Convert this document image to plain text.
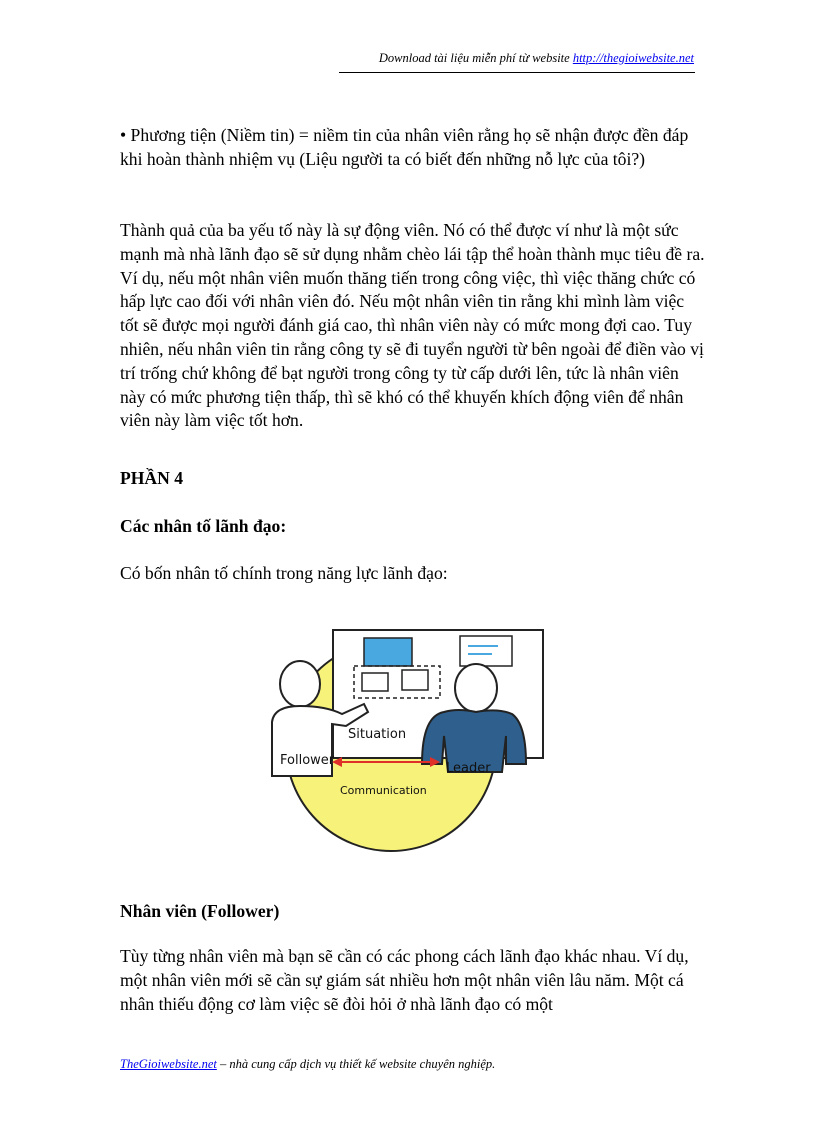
Download tài liệu miễn phí từ website http://thegioiwebsite.net

• Phương tiện (Niềm tin) = niềm tin của nhân viên rằng họ sẽ nhận được đền đáp khi hoàn thành nhiệm vụ (Liệu người ta có biết đến những nỗ lực của tôi?)

Thành quả của ba yếu tố này là sự động viên. Nó có thể được ví như là một sức mạnh mà nhà lãnh đạo sẽ sử dụng nhằm chèo lái tập thể hoàn thành mục tiêu đề ra. Ví dụ, nếu một nhân viên muốn thăng tiến trong công việc, thì việc thăng chức có hấp lực cao đối với nhân viên đó. Nếu một nhân viên tin rằng khi mình làm việc tốt sẽ được mọi người đánh giá cao, thì nhân viên này có mức mong đợi cao. Tuy nhiên, nếu nhân viên tin rằng công ty sẽ đi tuyển người từ bên ngoài để điền vào vị trí trống chứ không để bạt người trong công ty từ cấp dưới lên, tức là nhân viên này có mức phương tiện thấp, thì sẽ khó có thể khuyến khích động viên để nhân viên này làm việc tốt hơn.

PHẦN 4
Các nhân tố lãnh đạo:

Có bốn nhân tố chính trong năng lực lãnh đạo:

Situation
Follower
Leader
Communication
Nhân viên (Follower)

Tùy từng nhân viên mà bạn sẽ cần có các phong cách lãnh đạo khác nhau. Ví dụ, một nhân viên mới sẽ cần sự giám sát nhiều hơn một nhân viên lâu năm. Một cá nhân thiếu động cơ làm việc sẽ đòi hỏi ở nhà lãnh đạo có một

TheGioiwebsite.net – nhà cung cấp dịch vụ thiết kế website chuyên nghiệp.
